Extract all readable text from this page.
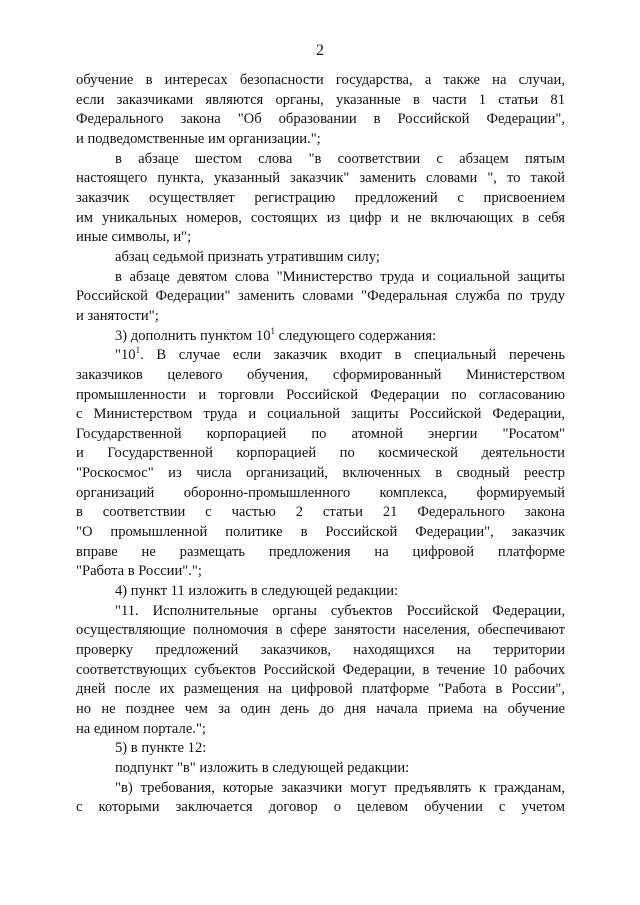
2
обучение в интересах безопасности государства, а также на случаи,
если заказчиками являются органы, указанные в части 1 статьи 81
Федерального закона "Об образовании в Российской Федерации",
и подведомственные им организации.";
в абзаце шестом слова "в соответствии с абзацем пятым
настоящего пункта, указанный заказчик" заменить словами ", то такой
заказчик осуществляет регистрацию предложений с присвоением
им уникальных номеров, состоящих из цифр и не включающих в себя
иные символы, и";
абзац седьмой признать утратившим силу;
в абзаце девятом слова "Министерство труда и социальной защиты
Российской Федерации" заменить словами "Федеральная служба по труду
и занятости";
3) дополнить пунктом $10^1$ следующего содержания:
"$10^1$. В случае если заказчик входит в специальный перечень
заказчиков целевого обучения, сформированный Министерством
промышленности и торговли Российской Федерации по согласованию
с Министерством труда и социальной защиты Российской Федерации,
Государственной корпорацией по атомной энергии "Росатом"
и Государственной корпорацией по космической деятельности
"Роскосмос" из числа организаций, включенных в сводный реестр
организаций оборонно-промышленного комплекса, формируемый
в соответствии с частью 2 статьи 21 Федерального закона
"О промышленной политике в Российской Федерации", заказчик
вправе не размещать предложения на цифровой платформе
"Работа в России".";
4) пункт 11 изложить в следующей редакции:
"11. Исполнительные органы субъектов Российской Федерации,
осуществляющие полномочия в сфере занятости населения, обеспечивают
проверку предложений заказчиков, находящихся на территории
соответствующих субъектов Российской Федерации, в течение 10 рабочих
дней после их размещения на цифровой платформе "Работа в России",
но не позднее чем за один день до дня начала приема на обучение
на едином портале.";
5) в пункте 12:
подпункт "в" изложить в следующей редакции:
"в) требования, которые заказчики могут предъявлять к гражданам,
с которыми заключается договор о целевом обучении с учетом
